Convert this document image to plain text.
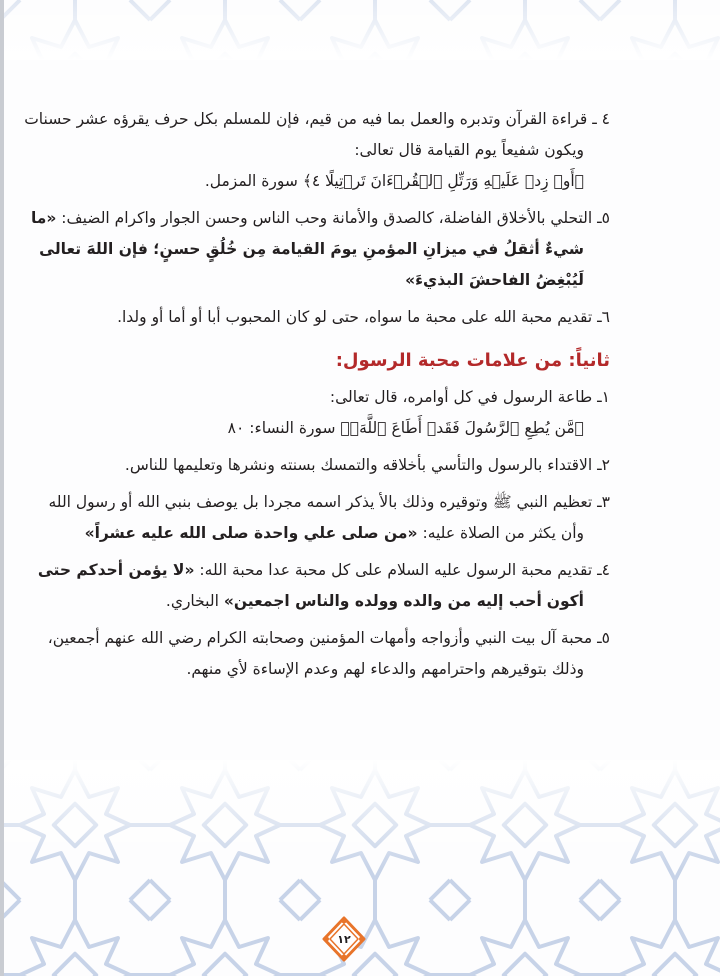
٤ ـ قراءة القرآن وتدبره والعمل بما فيه من قيم، فإن للمسلم بكل حرف يقرؤه عشر حسنات ويكون شفيعاً يوم القيامة قال تعالى:
﴿أَوۡ زِدۡ عَلَيۡهِ وَرَتِّلِ ٱلۡقُرۡءَانَ تَرۡتِيلًا ٤﴾ سورة المزمل.
٥ـ التحلي بالأخلاق الفاضلة، كالصدق والأمانة وحب الناس وحسن الجوار واكرام الضيف: «ما شيءٌ أثقلُ في ميزانِ المؤمنِ يومَ القيامة مِن خُلُقٍ حسنٍ؛ فإن اللهَ تعالى لَيُبْغِضُ الفاحشَ البذيءَ»
٦ـ تقديم محبة الله على محبة ما سواه، حتى لو كان المحبوب أبا أو أما أو ولدا.
ثانياً: من علامات محبة الرسول:
١ـ طاعة الرسول في كل أوامره، قال تعالى:
﴿مَّن يُطِعِ ٱلرَّسُولَ فَقَدۡ أَطَاعَ ٱللَّهَۖ﴾ سورة النساء: ٨٠
٢ـ الاقتداء بالرسول والتأسي بأخلاقه والتمسك بسنته ونشرها وتعليمها للناس.
٣ـ تعظيم النبي ﷺ وتوقيره وذلك بالأ يذكر اسمه مجردا بل يوصف بنبي الله أو رسول الله وأن يكثر من الصلاة عليه: «من صلى علي واحدة صلى الله عليه عشراً»
٤ـ تقديم محبة الرسول عليه السلام على كل محبة عدا محبة الله: «لا يؤمن أحدكم حتى أكون أحب إليه من والده وولده والناس اجمعين» البخاري.
٥ـ محبة آل بيت النبي وأزواجه وأمهات المؤمنين وصحابته الكرام رضي الله عنهم أجمعين، وذلك بتوقيرهم واحترامهم والدعاء لهم وعدم الإساءة لأي منهم.
١٢
